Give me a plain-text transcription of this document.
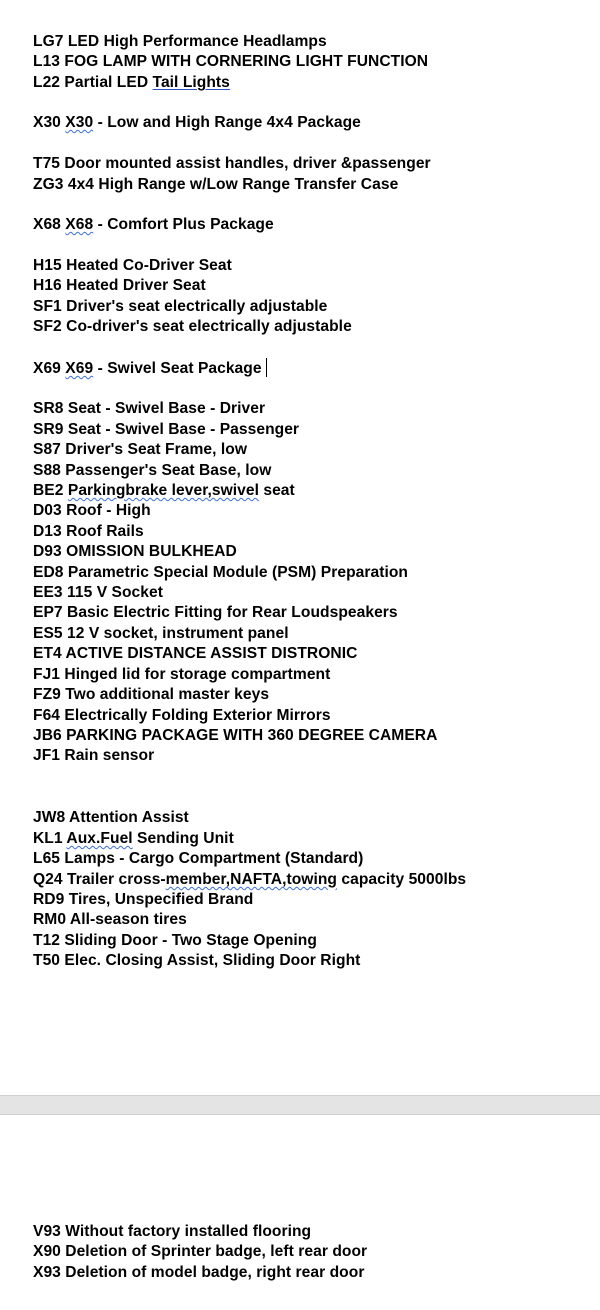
LG7 LED High Performance Headlamps

L13 FOG LAMP WITH CORNERING LIGHT FUNCTION

L22 Partial LED Tail Lights

X30 X30 - Low and High Range 4x4 Package

T75 Door mounted assist handles, driver &passenger

ZG3 4x4 High Range w/Low Range Transfer Case

X68 X68 - Comfort Plus Package

H15 Heated Co-Driver Seat

H16 Heated Driver Seat

SF1 Driver's seat electrically adjustable

SF2 Co-driver's seat electrically adjustable

X69 X69 - Swivel Seat Package

SR8 Seat - Swivel Base - Driver

SR9 Seat - Swivel Base - Passenger

S87 Driver's Seat Frame, low

S88 Passenger's Seat Base, low

BE2 Parkingbrake lever,swivel seat

D03 Roof - High

D13 Roof Rails

D93 OMISSION BULKHEAD

ED8 Parametric Special Module (PSM) Preparation

EE3 115 V Socket

EP7 Basic Electric Fitting for Rear Loudspeakers

ES5 12 V socket, instrument panel

ET4 ACTIVE DISTANCE ASSIST DISTRONIC

FJ1 Hinged lid for storage compartment

FZ9 Two additional master keys

F64 Electrically Folding Exterior Mirrors

JB6 PARKING PACKAGE WITH 360 DEGREE CAMERA

JF1 Rain sensor

JW8 Attention Assist

KL1 Aux.Fuel Sending Unit

L65 Lamps - Cargo Compartment (Standard)

Q24 Trailer cross-member,NAFTA,towing capacity 5000lbs

RD9 Tires, Unspecified Brand

RM0 All-season tires

T12 Sliding Door - Two Stage Opening

T50 Elec. Closing Assist, Sliding Door Right

V93 Without factory installed flooring

X90 Deletion of Sprinter badge, left rear door

X93 Deletion of model badge, right rear door
